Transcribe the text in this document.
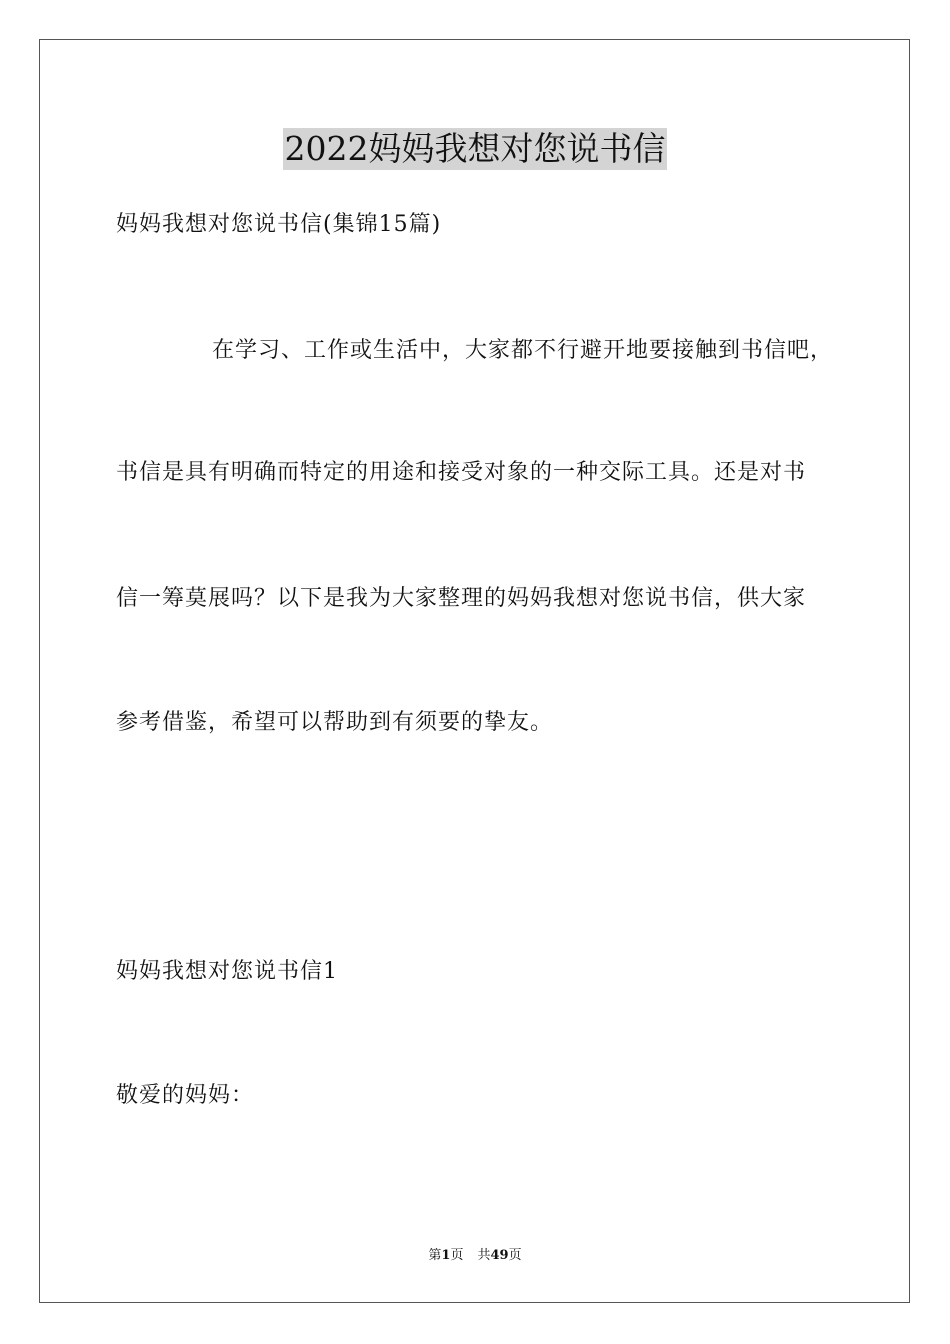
2022妈妈我想对您说书信
妈妈我想对您说书信(集锦15篇)
在学习、工作或生活中，大家都不行避开地要接触到书信吧，
书信是具有明确而特定的用途和接受对象的一种交际工具。还是对书
信一筹莫展吗？以下是我为大家整理的妈妈我想对您说书信，供大家
参考借鉴，希望可以帮助到有须要的挚友。
妈妈我想对您说书信1
敬爱的妈妈：
第1页 共49页
